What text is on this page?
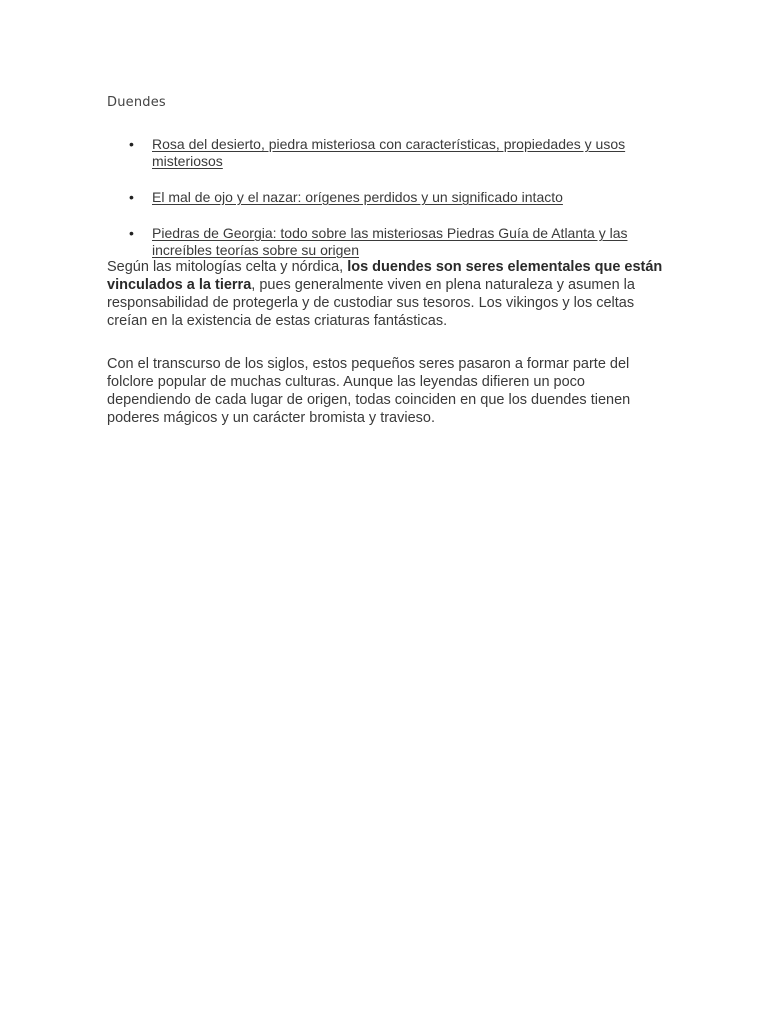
Duendes
• Rosa del desierto, piedra misteriosa con características, propiedades y usos misteriosos
• El mal de ojo y el nazar: orígenes perdidos y un significado intacto
• Piedras de Georgia: todo sobre las misteriosas Piedras Guía de Atlanta y las increíbles teorías sobre su origen

Según las mitologías celta y nórdica, los duendes son seres elementales que están vinculados a la tierra, pues generalmente viven en plena naturaleza y asumen la responsabilidad de protegerla y de custodiar sus tesoros. Los vikingos y los celtas creían en la existencia de estas criaturas fantásticas.

Con el transcurso de los siglos, estos pequeños seres pasaron a formar parte del folclore popular de muchas culturas. Aunque las leyendas difieren un poco dependiendo de cada lugar de origen, todas coinciden en que los duendes tienen poderes mágicos y un carácter bromista y travieso.
